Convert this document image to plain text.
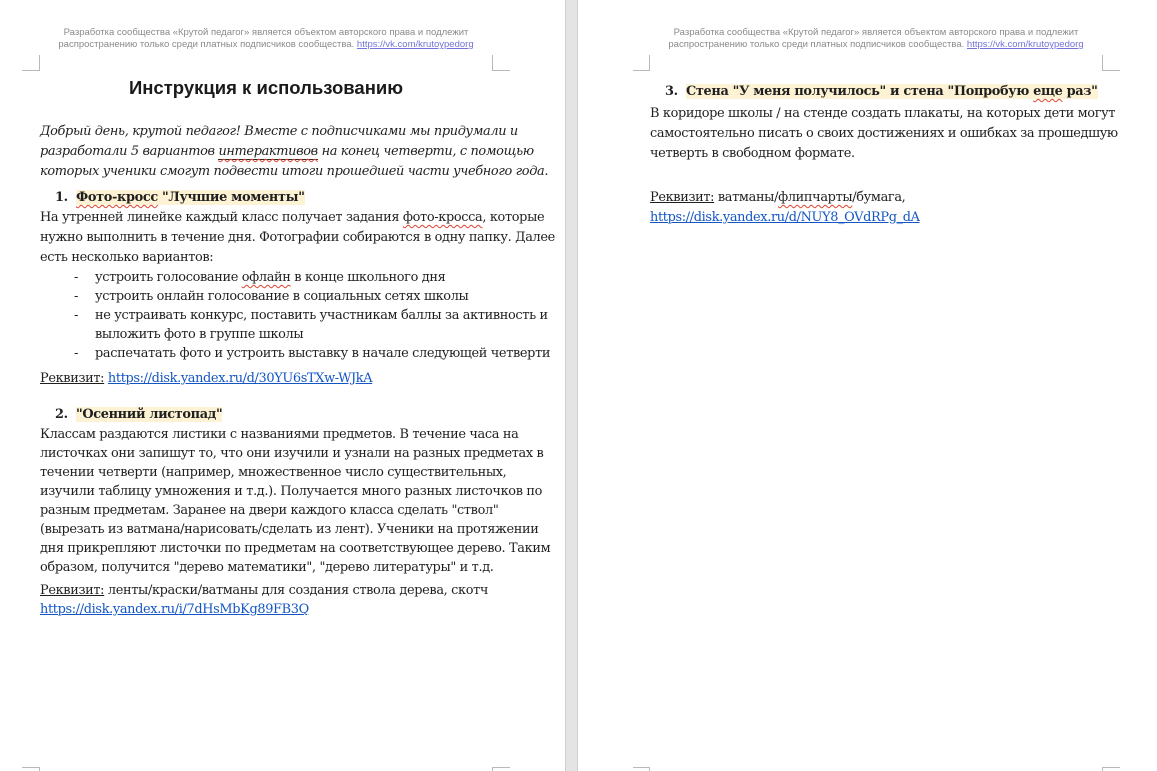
Разработка сообщества «Крутой педагог» является объектом авторского права и подлежит
распространению только среди платных подписчиков сообщества. https://vk.com/krutoypedorg
Инструкция к использованию
Добрый день, крутой педагог! Вместе с подписчиками мы придумали и
разработали 5 вариантов интерактивов на конец четверти, с помощью
которых ученики смогут подвести итоги прошедшей части учебного года.
1. Фото-кросс "Лучшие моменты"
На утренней линейке каждый класс получает задания фото-кросса, которые
нужно выполнить в течение дня. Фотографии собираются в одну папку. Далее
есть несколько вариантов:
- устроить голосование офлайн в конце школьного дня
- устроить онлайн голосование в социальных сетях школы
- не устраивать конкурс, поставить участникам баллы за активность и
выложить фото в группе школы
- распечатать фото и устроить выставку в начале следующей четверти
Реквизит: https://disk.yandex.ru/d/30YU6sTXw-WJkA
2. "Осенний листопад"
Классам раздаются листики с названиями предметов. В течение часа на
листочках они запишут то, что они изучили и узнали на разных предметах в
течении четверти (например, множественное число существительных,
изучили таблицу умножения и т.д.). Получается много разных листочков по
разным предметам. Заранее на двери каждого класса сделать "ствол"
(вырезать из ватмана/нарисовать/сделать из лент). Ученики на протяжении
дня прикрепляют листочки по предметам на соответствующее дерево. Таким
образом, получится "дерево математики", "дерево литературы" и т.д.
Реквизит: ленты/краски/ватманы для создания ствола дерева, скотч
https://disk.yandex.ru/i/7dHsMbKg89FB3Q
Разработка сообщества «Крутой педагог» является объектом авторского права и подлежит
распространению только среди платных подписчиков сообщества. https://vk.com/krutoypedorg
3. Стена "У меня получилось" и стена "Попробую еще раз"
В коридоре школы / на стенде создать плакаты, на которых дети могут
самостоятельно писать о своих достижениях и ошибках за прошедшую
четверть в свободном формате.
Реквизит: ватманы/флипчарты/бумага,
https://disk.yandex.ru/d/NUY8_OVdRPg_dA
